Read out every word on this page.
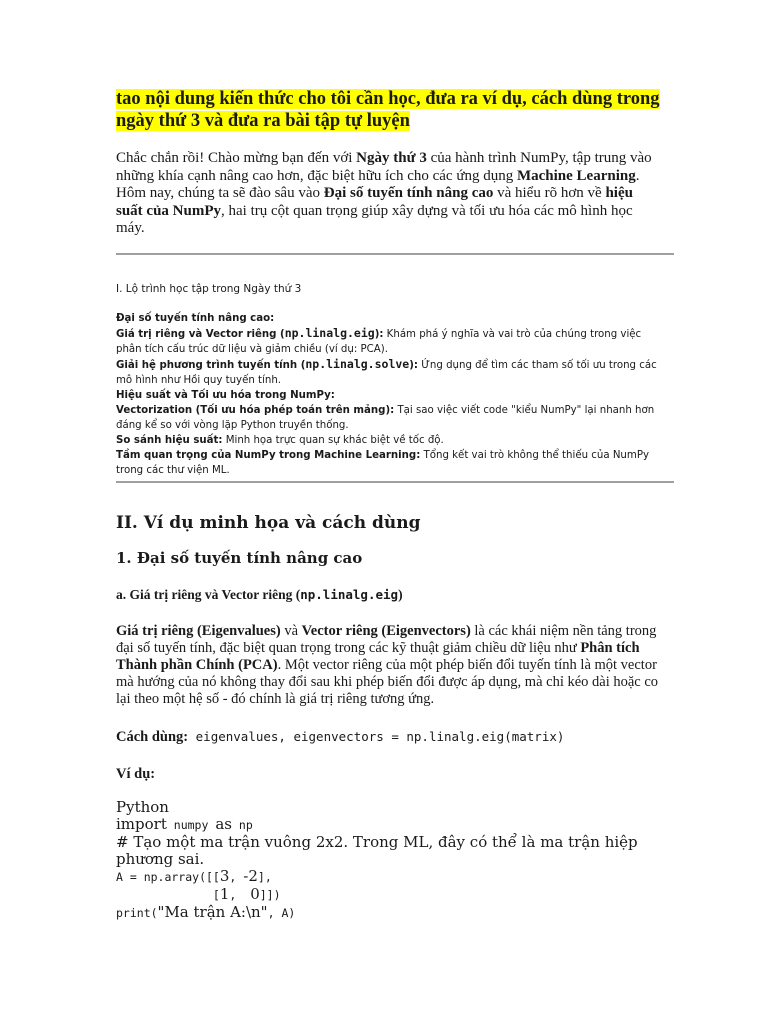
tao nội dung kiến thức cho tôi cần học, đưa ra ví dụ, cách dùng trong ngày thứ 3 và đưa ra bài tập tự luyện

Chắc chắn rồi! Chào mừng bạn đến với Ngày thứ 3 của hành trình NumPy, tập trung vào những khía cạnh nâng cao hơn, đặc biệt hữu ích cho các ứng dụng Machine Learning. Hôm nay, chúng ta sẽ đào sâu vào Đại số tuyến tính nâng cao và hiểu rõ hơn về hiệu suất của NumPy, hai trụ cột quan trọng giúp xây dựng và tối ưu hóa các mô hình học máy.

I. Lộ trình học tập trong Ngày thứ 3
Đại số tuyến tính nâng cao:
Giá trị riêng và Vector riêng (np.linalg.eig): Khám phá ý nghĩa và vai trò của chúng trong việc phân tích cấu trúc dữ liệu và giảm chiều (ví dụ: PCA).
Giải hệ phương trình tuyến tính (np.linalg.solve): Ứng dụng để tìm các tham số tối ưu trong các mô hình như Hồi quy tuyến tính.
Hiệu suất và Tối ưu hóa trong NumPy:
Vectorization (Tối ưu hóa phép toán trên mảng): Tại sao việc viết code "kiểu NumPy" lại nhanh hơn đáng kể so với vòng lặp Python truyền thống.
So sánh hiệu suất: Minh họa trực quan sự khác biệt về tốc độ.
Tầm quan trọng của NumPy trong Machine Learning: Tổng kết vai trò không thể thiếu của NumPy trong các thư viện ML.
II. Ví dụ minh họa và cách dùng
1. Đại số tuyến tính nâng cao
a. Giá trị riêng và Vector riêng (np.linalg.eig)

Giá trị riêng (Eigenvalues) và Vector riêng (Eigenvectors) là các khái niệm nền tảng trong đại số tuyến tính, đặc biệt quan trọng trong các kỹ thuật giảm chiều dữ liệu như Phân tích Thành phần Chính (PCA). Một vector riêng của một phép biến đổi tuyến tính là một vector mà hướng của nó không thay đổi sau khi phép biến đổi được áp dụng, mà chỉ kéo dài hoặc co lại theo một hệ số - đó chính là giá trị riêng tương ứng.

Cách dùng: eigenvalues, eigenvectors = np.linalg.eig(matrix)

Ví dụ:

Python
import numpy as np
# Tạo một ma trận vuông 2x2. Trong ML, đây có thể là ma trận hiệp phương sai.
A = np.array([[3, -2],
[1,  0]])
print("Ma trận A:\n", A)
